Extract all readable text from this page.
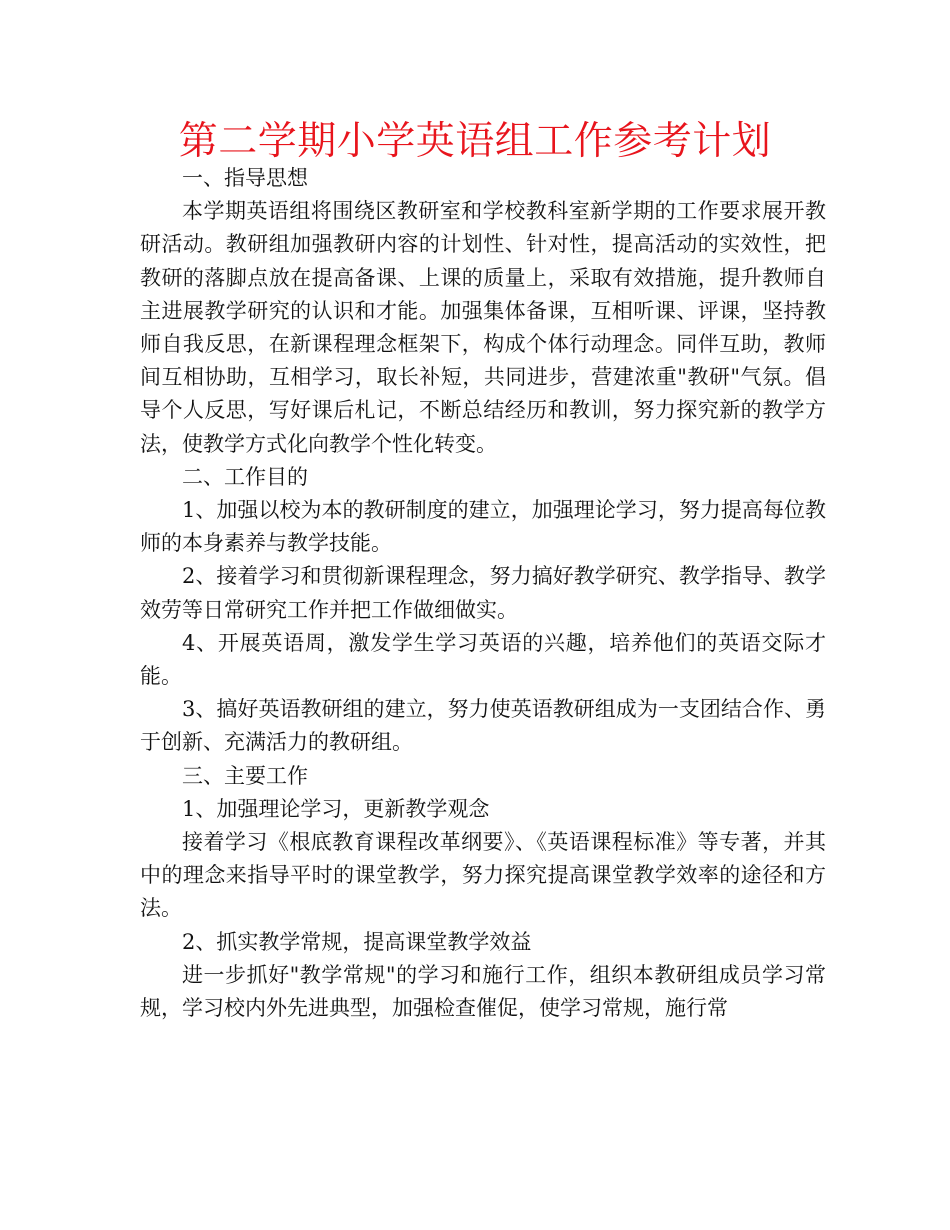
第二学期小学英语组工作参考计划

一、指导思想

本学期英语组将围绕区教研室和学校教科室新学期的工作要求展开教研活动。教研组加强教研内容的计划性、针对性，提高活动的实效性，把教研的落脚点放在提高备课、上课的质量上，采取有效措施，提升教师自主进展教学研究的认识和才能。加强集体备课，互相听课、评课，坚持教师自我反思，在新课程理念框架下，构成个体行动理念。同伴互助，教师间互相协助，互相学习，取长补短，共同进步，营建浓重"教研"气氛。倡导个人反思，写好课后札记，不断总结经历和教训，努力探究新的教学方法，使教学方式化向教学个性化转变。

二、工作目的

1、加强以校为本的教研制度的建立，加强理论学习，努力提高每位教师的本身素养与教学技能。

2、接着学习和贯彻新课程理念，努力搞好教学研究、教学指导、教学效劳等日常研究工作并把工作做细做实。

4、开展英语周，激发学生学习英语的兴趣，培养他们的英语交际才能。

3、搞好英语教研组的建立，努力使英语教研组成为一支团结合作、勇于创新、充满活力的教研组。

三、主要工作

1、加强理论学习，更新教学观念

接着学习《根底教育课程改革纲要》、《英语课程标准》等专著，并其中的理念来指导平时的课堂教学，努力探究提高课堂教学效率的途径和方法。

2、抓实教学常规，提高课堂教学效益

进一步抓好"教学常规"的学习和施行工作，组织本教研组成员学习常规，学习校内外先进典型，加强检查催促，使学习常规，施行常
